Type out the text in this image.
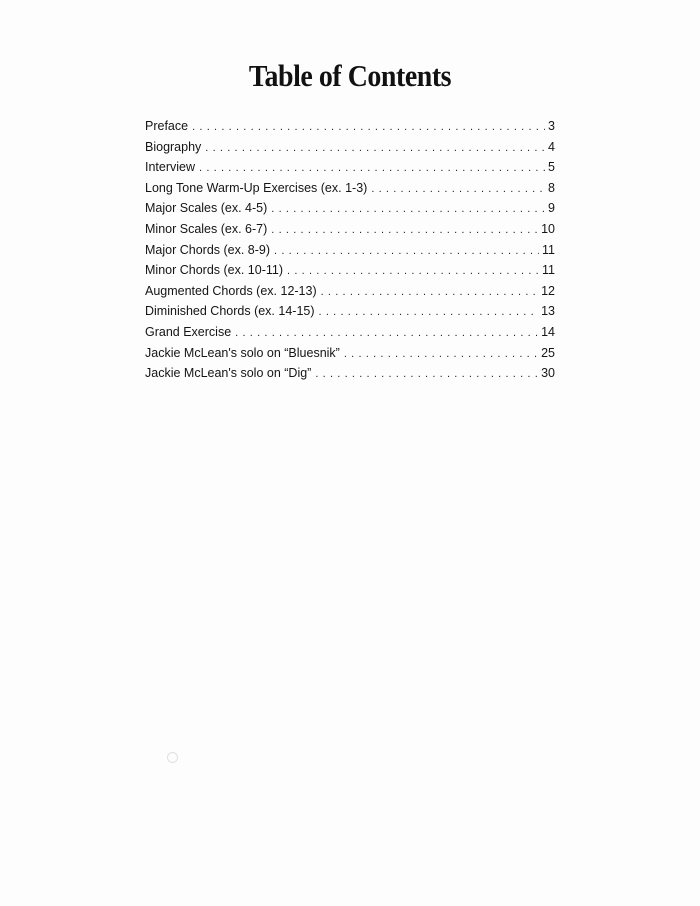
Table of Contents
Preface . . .	3
Biography . . .	4
Interview . . .	5
Long Tone Warm-Up Exercises (ex. 1-3) . . .	8
Major Scales (ex. 4-5) . . .	9
Minor Scales (ex. 6-7) . . .	10
Major Chords (ex. 8-9) . . .	11
Minor Chords (ex. 10-11) . . .	11
Augmented Chords (ex. 12-13) . . .	12
Diminished Chords (ex. 14-15) . . .	13
Grand Exercise . . .	14
Jackie McLean's solo on “Bluesnik” . . .	25
Jackie McLean's solo on “Dig” . . .	30
